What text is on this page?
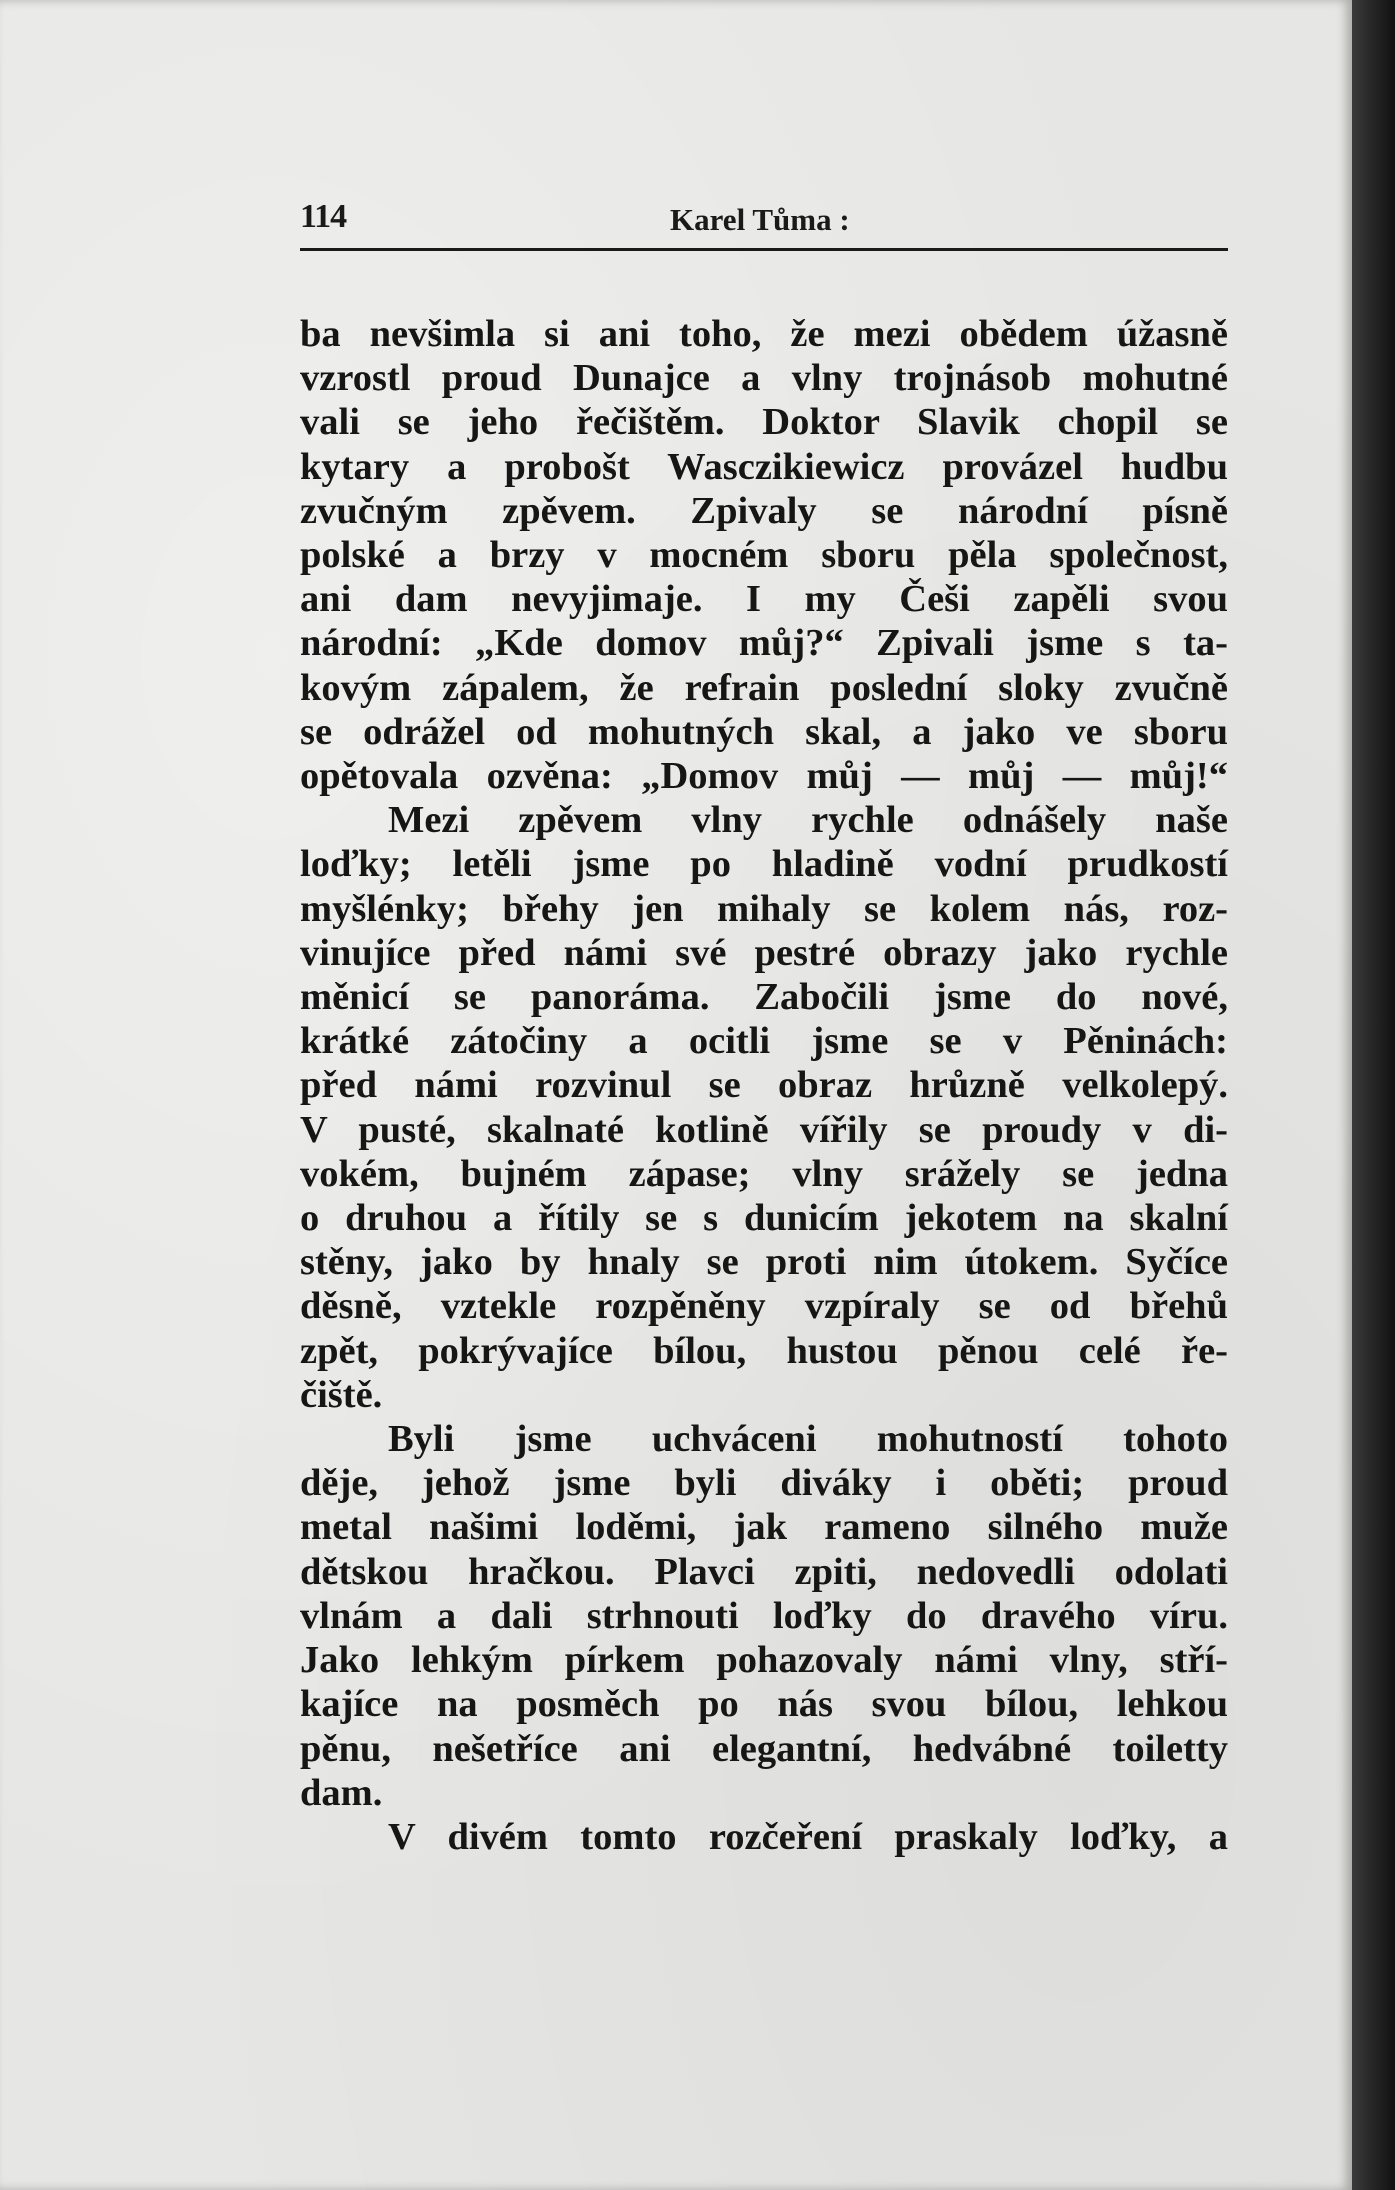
114	Karel Tůma :
ba nevšimla si ani toho, že mezi obědem úžasně
vzrostl proud Dunajce a vlny trojnásob mohutné
vali se jeho řečištěm. Doktor Slavik chopil se
kytary a probošt Wasczikiewicz provázel hudbu
zvučným zpěvem. Zpivaly se národní písně
polské a brzy v mocném sboru pěla společnost,
ani dam nevyjimaje. I my Češi zapěli svou
národní: „Kde domov můj?“ Zpivali jsme s ta-
kovým zápalem, že refrain poslední sloky zvučně
se odrážel od mohutných skal, a jako ve sboru
opětovala ozvěna: „Domov můj — můj — můj!“
Mezi zpěvem vlny rychle odnášely naše
loďky; letěli jsme po hladině vodní prudkostí
myšlénky; břehy jen mihaly se kolem nás, roz-
vinujíce před námi své pestré obrazy jako rychle
měnicí se panoráma. Zabočili jsme do nové,
krátké zátočiny a ocitli jsme se v Pěninách:
před námi rozvinul se obraz hrůzně velkolepý.
V pusté, skalnaté kotlině vířily se proudy v di-
vokém, bujném zápase; vlny srážely se jedna
o druhou a řítily se s dunicím jekotem na skalní
stěny, jako by hnaly se proti nim útokem. Syčíce
děsně, vztekle rozpěněny vzpíraly se od břehů
zpět, pokrývajíce bílou, hustou pěnou celé ře-
čiště.
Byli jsme uchváceni mohutností tohoto
děje, jehož jsme byli diváky i oběti; proud
metal našimi loděmi, jak rameno silného muže
dětskou hračkou. Plavci zpiti, nedovedli odolati
vlnám a dali strhnouti loďky do dravého víru.
Jako lehkým pírkem pohazovaly námi vlny, stří-
kajíce na posměch po nás svou bílou, lehkou
pěnu, nešetříce ani elegantní, hedvábné toiletty
dam.
V divém tomto rozčeření praskaly loďky, a
